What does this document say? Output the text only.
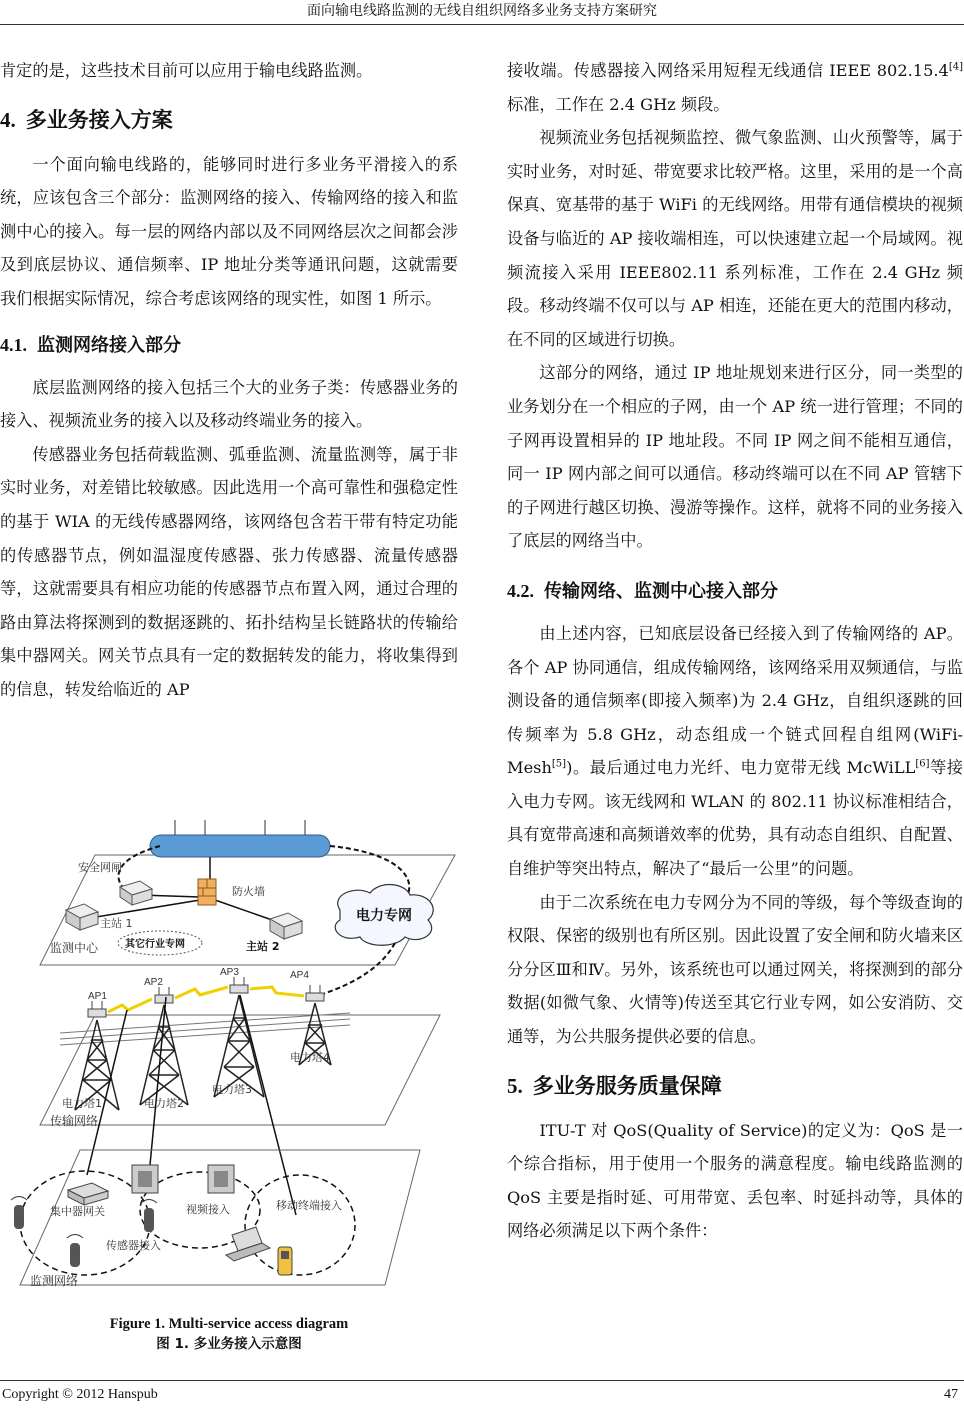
面向输电线路监测的无线自组织网络多业务支持方案研究

肯定的是，这些技术目前可以应用于输电线路监测。

4. 多业务接入方案

一个面向输电线路的，能够同时进行多业务平滑接入的系统，应该包含三个部分：监测网络的接入、传输网络的接入和监测中心的接入。每一层的网络内部以及不同网络层次之间都会涉及到底层协议、通信频率、IP 地址分类等通讯问题，这就需要我们根据实际情况，综合考虑该网络的现实性，如图 1 所示。

4.1. 监测网络接入部分

底层监测网络的接入包括三个大的业务子类：传感器业务的接入、视频流业务的接入以及移动终端业务的接入。

传感器业务包括荷载监测、弧垂监测、流量监测等，属于非实时业务，对差错比较敏感。因此选用一个高可靠性和强稳定性的基于 WIA 的无线传感器网络，该网络包含若干带有特定功能的传感器节点，例如温湿度传感器、张力传感器、流量传感器等，这就需要具有相应功能的传感器节点布置入网，通过合理的路由算法将探测到的数据逐跳的、拓扑结构呈长链路状的传输给集中器网关。网关节点具有一定的数据转发的能力，将收集得到的信息，转发给临近的 AP

安全网闸
防火墙
主站 1
主站 2
其它行业专网
监测中心
电力专网
AP1
AP2
AP3	AP4
电力塔1	电力塔2
电力塔3
电力塔4
传输网络
集中器网关
传感器接入
视频接入	移动终端接入
监测网络
Figure 1. Multi-service access diagram
图 1. 多业务接入示意图

接收端。传感器接入网络采用短程无线通信 IEEE 802.15.4[4]标准，工作在 2.4 GHz 频段。

视频流业务包括视频监控、微气象监测、山火预警等，属于实时业务，对时延、带宽要求比较严格。这里，采用的是一个高保真、宽基带的基于 WiFi 的无线网络。用带有通信模块的视频设备与临近的 AP 接收端相连，可以快速建立起一个局域网。视频流接入采用 IEEE802.11 系列标准，工作在 2.4 GHz 频段。移动终端不仅可以与 AP 相连，还能在更大的范围内移动，在不同的区域进行切换。

这部分的网络，通过 IP 地址规划来进行区分，同一类型的业务划分在一个相应的子网，由一个 AP 统一进行管理；不同的子网再设置相异的 IP 地址段。不同 IP 网之间不能相互通信，同一 IP 网内部之间可以通信。移动终端可以在不同 AP 管辖下的子网进行越区切换、漫游等操作。这样，就将不同的业务接入了底层的网络当中。

4.2. 传输网络、监测中心接入部分

由上述内容，已知底层设备已经接入到了传输网络的 AP。各个 AP 协同通信，组成传输网络，该网络采用双频通信，与监测设备的通信频率(即接入频率)为 2.4 GHz，自组织逐跳的回传频率为 5.8 GHz，动态组成一个链式回程自组网(WiFi-Mesh[5])。最后通过电力光纤、电力宽带无线 McWiLL[6]等接入电力专网。该无线网和 WLAN 的 802.11 协议标准相结合，具有宽带高速和高频谱效率的优势，具有动态自组织、自配置、自维护等突出特点，解决了“最后一公里”的问题。

由于二次系统在电力专网分为不同的等级，每个等级查询的权限、保密的级别也有所区别。因此设置了安全闸和防火墙来区分分区Ⅲ和Ⅳ。另外，该系统也可以通过网关，将探测到的部分数据(如微气象、火情等)传送至其它行业专网，如公安消防、交通等，为公共服务提供必要的信息。

5. 多业务服务质量保障

ITU-T 对 QoS(Quality of Service)的定义为：QoS 是一个综合指标，用于使用一个服务的满意程度。输电线路监测的 QoS 主要是指时延、可用带宽、丢包率、时延抖动等，具体的网络必须满足以下两个条件：

Copyright © 2012 Hanspub	47
